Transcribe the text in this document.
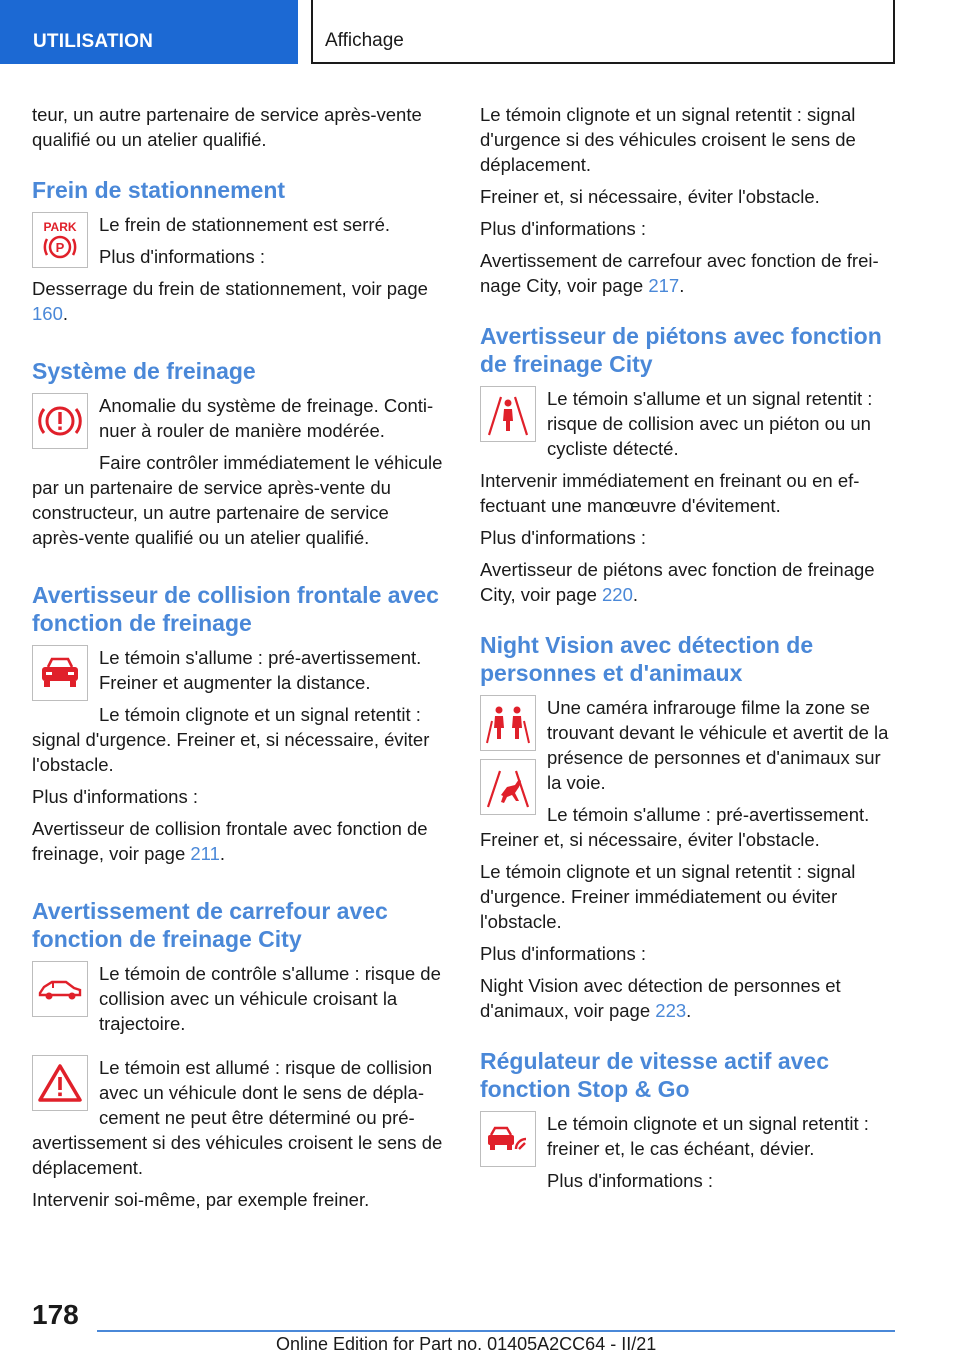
UTILISATION	Affichage

teur, un autre partenaire de service après-vente qualifié ou un atelier qualifié.

Frein de stationnement
PARK
P

Le frein de stationnement est serré.

Plus d'informations :

Desserrage du frein de stationnement, voir page 160.

Système de freinage

Anomalie du système de freinage. Continuer à rouler de manière modérée.

Faire contrôler immédiatement le véhicule par un partenaire de service après-vente du constructeur, un autre partenaire de service après-vente qualifié ou un atelier qualifié.

Avertisseur de collision frontale avec fonction de freinage

Le témoin s'allume : pré-avertissement. Freiner et augmenter la distance.

Le témoin clignote et un signal retentit : signal d'urgence. Freiner et, si nécessaire, éviter l'obstacle.

Plus d'informations :

Avertisseur de collision frontale avec fonction de freinage, voir page 211.

Avertissement de carrefour avec fonction de freinage City

Le témoin de contrôle s'allume : risque de collision avec un véhicule croisant la trajectoire.

Le témoin est allumé : risque de collision avec un véhicule dont le sens de déplacement ne peut être déterminé ou pré-avertissement si des véhicules croisent le sens de déplacement.

Intervenir soi-même, par exemple freiner.

Le témoin clignote et un signal retentit : signal d'urgence si des véhicules croisent le sens de déplacement.

Freiner et, si nécessaire, éviter l'obstacle.

Plus d'informations :

Avertissement de carrefour avec fonction de freinage City, voir page 217.

Avertisseur de piétons avec fonction de freinage City

Le témoin s'allume et un signal retentit : risque de collision avec un piéton ou un cycliste détecté.

Intervenir immédiatement en freinant ou en effectuant une manœuvre d'évitement.

Plus d'informations :

Avertisseur de piétons avec fonction de freinage City, voir page 220.

Night Vision avec détection de personnes et d'animaux

Une caméra infrarouge filme la zone se trouvant devant le véhicule et avertit de la présence de personnes et d'animaux sur la voie.

Le témoin s'allume : pré-avertissement. Freiner et, si nécessaire, éviter l'obstacle.

Le témoin clignote et un signal retentit : signal d'urgence. Freiner immédiatement ou éviter l'obstacle.

Plus d'informations :

Night Vision avec détection de personnes et d'animaux, voir page 223.

Régulateur de vitesse actif avec fonction Stop & Go

Le témoin clignote et un signal retentit : freiner et, le cas échéant, dévier.

Plus d'informations :

178
Online Edition for Part no. 01405A2CC64 - II/21
